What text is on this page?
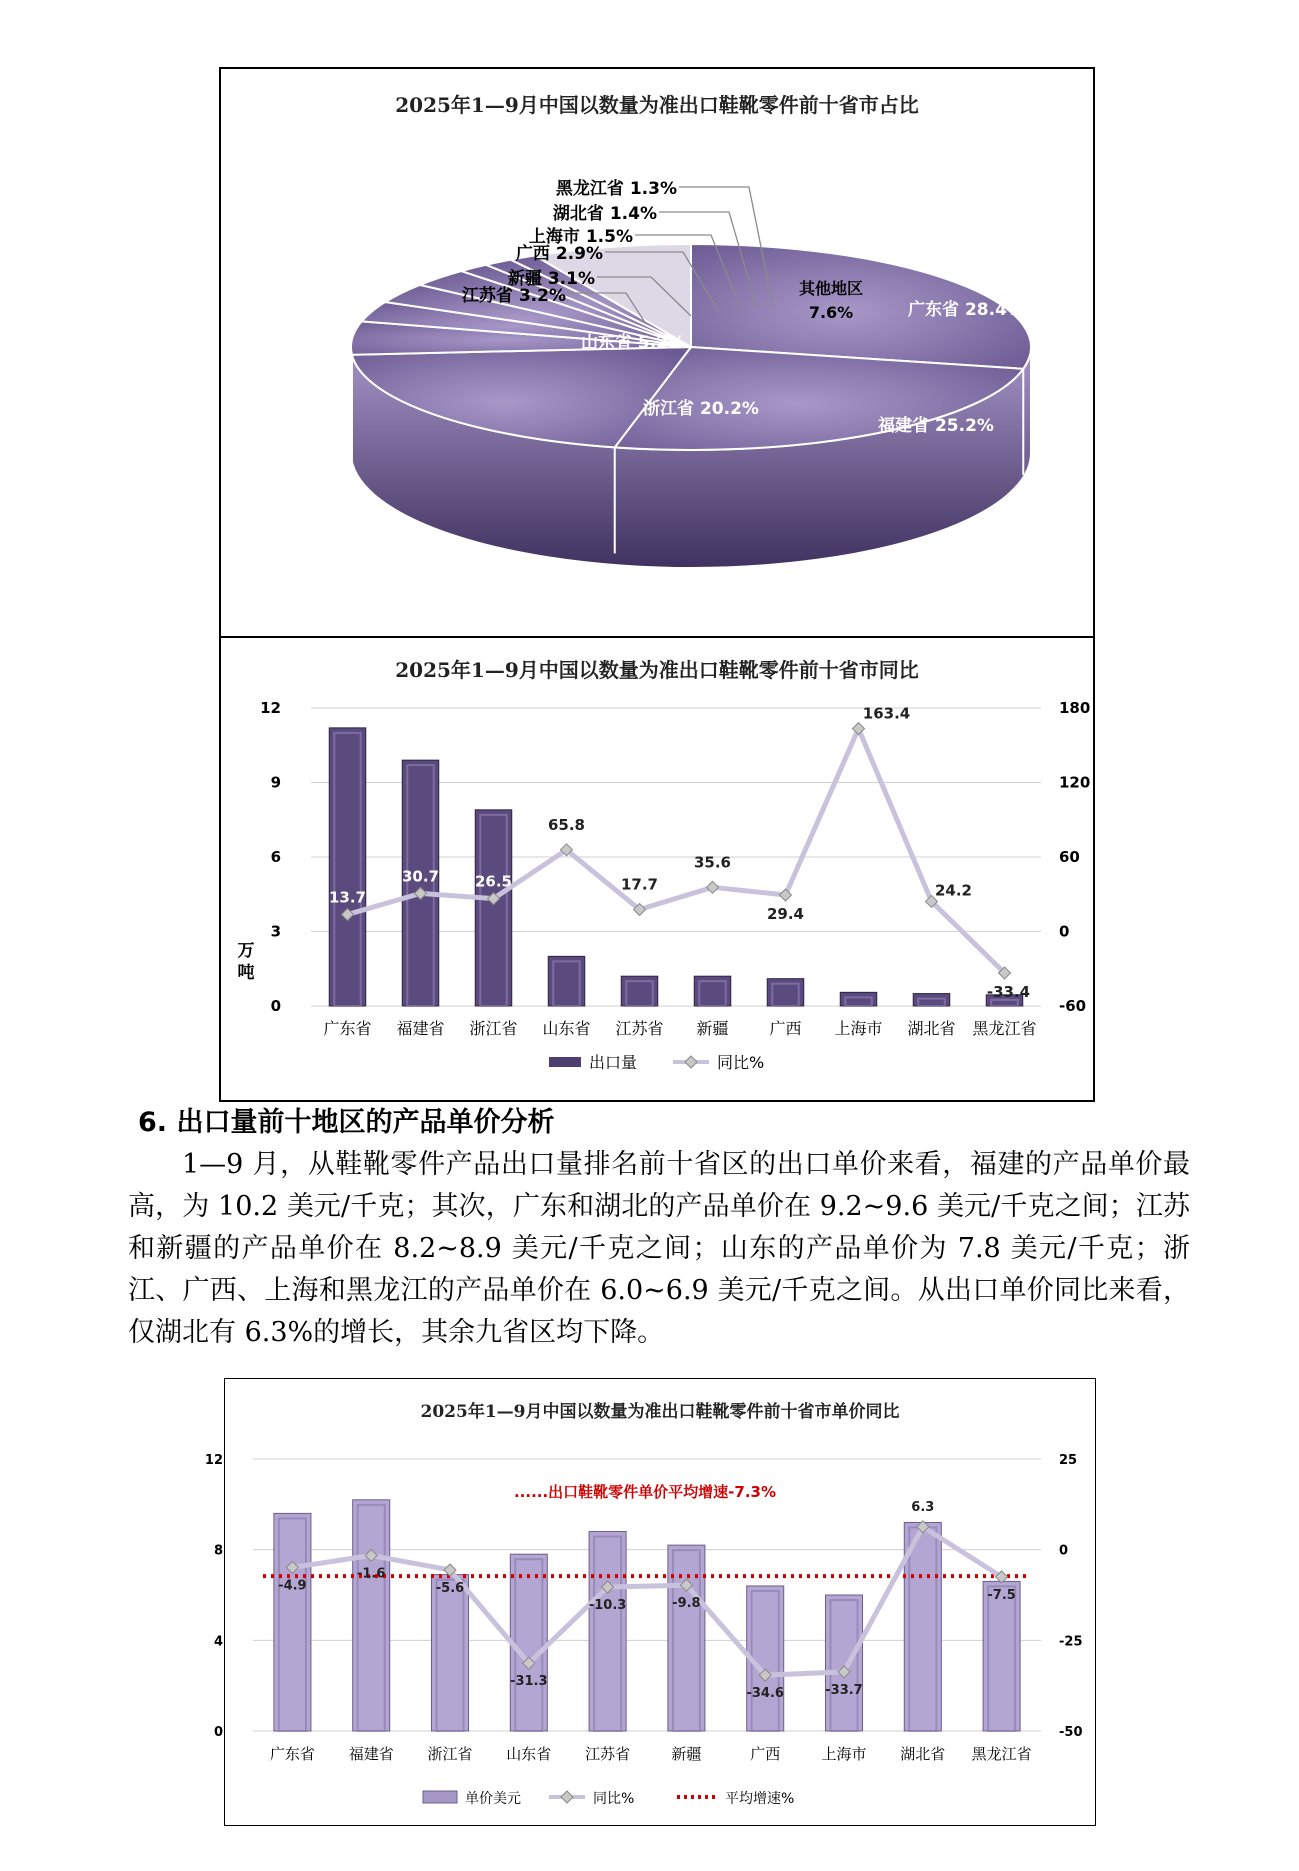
2025年1—9月中国以数量为准出口鞋靴零件前十省市占比
广东省 28.4%
福建省 25.2%
浙江省 20.2%
山东省 5.2%
江苏省 3.2%
新疆 3.1%
广西 2.9%
上海市 1.5%
湖北省 1.4%
黑龙江省 1.3%
其他地区
7.6%
2025年1—9月中国以数量为准出口鞋靴零件前十省市同比
12
9
6
3
0
180
120
60
0
-60
广东省 福建省 浙江省 山东省 江苏省 新疆	广西 上海市 湖北省 黑龙江省
13.7
30.7 26.5
65.8
17.7
35.6
29.4
163.4
24.2
-33.4
万
吨
出口量	同比%
6. 出口量前十地区的产品单价分析
1—9 月，从鞋靴零件产品出口量排名前十省区的出口单价来看，福建的产品单价最高，为 10.2 美元/千克；其次，广东和湖北的产品单价在 9.2~9.6 美元/千克之间；江苏和新疆的产品单价在 8.2~8.9 美元/千克之间；山东的产品单价为 7.8 美元/千克；浙江、广西、上海和黑龙江的产品单价在 6.0~6.9 美元/千克之间。从出口单价同比来看，仅湖北有 6.3%的增长，其余九省区均下降。
2025年1—9月中国以数量为准出口鞋靴零件前十省市单价同比
12
8
4
0
25
0
-25
-50
广东省 福建省 浙江省 山东省 江苏省	新疆	广西	上海市 湖北省 黑龙江省
-4.9
-1.6
-5.6
-31.3
-10.3	-9.8
-34.6	-33.7
6.3
-7.5
......出口鞋靴零件单价平均增速-7.3%
单价美元	同比%	平均增速%
